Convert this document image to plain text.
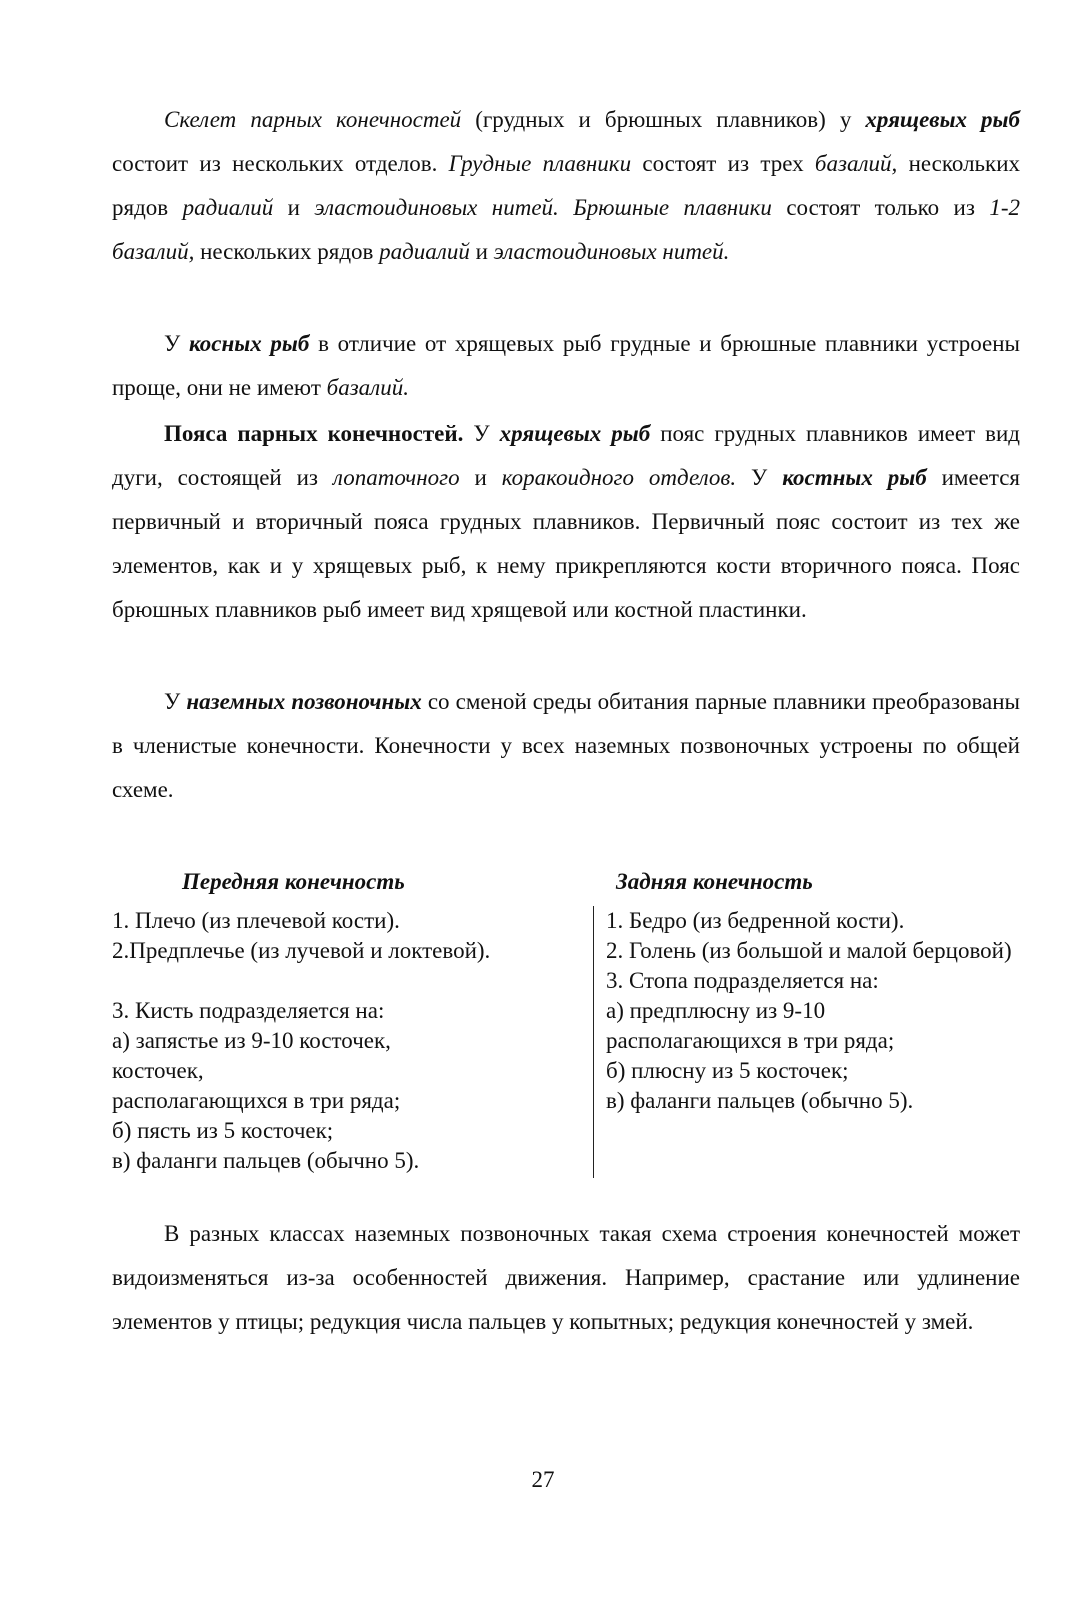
Скелет парных конечностей (грудных и брюшных плавников) у хрящевых рыб состоит из нескольких отделов. Грудные плавники состоят из трех базалий, нескольких рядов радиалий и эластоидиновых нитей. Брюшные плавники состоят только из 1-2 базалий, нескольких рядов радиалий и эластоидиновых нитей.

У косных рыб в отличие от хрящевых рыб грудные и брюшные плавники устроены проще, они не имеют базалий.

Пояса парных конечностей. У хрящевых рыб пояс грудных плавников имеет вид дуги, состоящей из лопаточного и коракоидного отделов. У костных рыб имеется первичный и вторичный пояса грудных плавников. Первичный пояс состоит из тех же элементов, как и у хрящевых рыб, к нему прикрепляются кости вторичного пояса. Пояс брюшных плавников рыб имеет вид хрящевой или костной пластинки.

У наземных позвоночных со сменой среды обитания парные плавники преобразованы в членистые конечности. Конечности у всех наземных позвоночных устроены по общей схеме.

Передняя конечность	Задняя конечность
1. Плечо (из плечевой кости).
2.Предплечье (из лучевой и локтевой).
3. Кисть подразделяется на:
а) запястье из 9-10 косточек,
косточек,
располагающихся в три ряда;
б) пясть из 5 косточек;
в) фаланги пальцев (обычно 5).
1. Бедро (из бедренной кости).
2. Голень (из большой и малой берцовой)
3. Стопа подразделяется на:
а) предплюсну из 9-10
располагающихся в три ряда;
б) плюсну из 5 косточек;
в) фаланги пальцев (обычно 5).

В разных классах наземных позвоночных такая схема строения конечностей может видоизменяться из-за особенностей движения. Например, срастание или удлинение элементов у птицы; редукция числа пальцев у копытных; редукция конечностей у змей.

27
